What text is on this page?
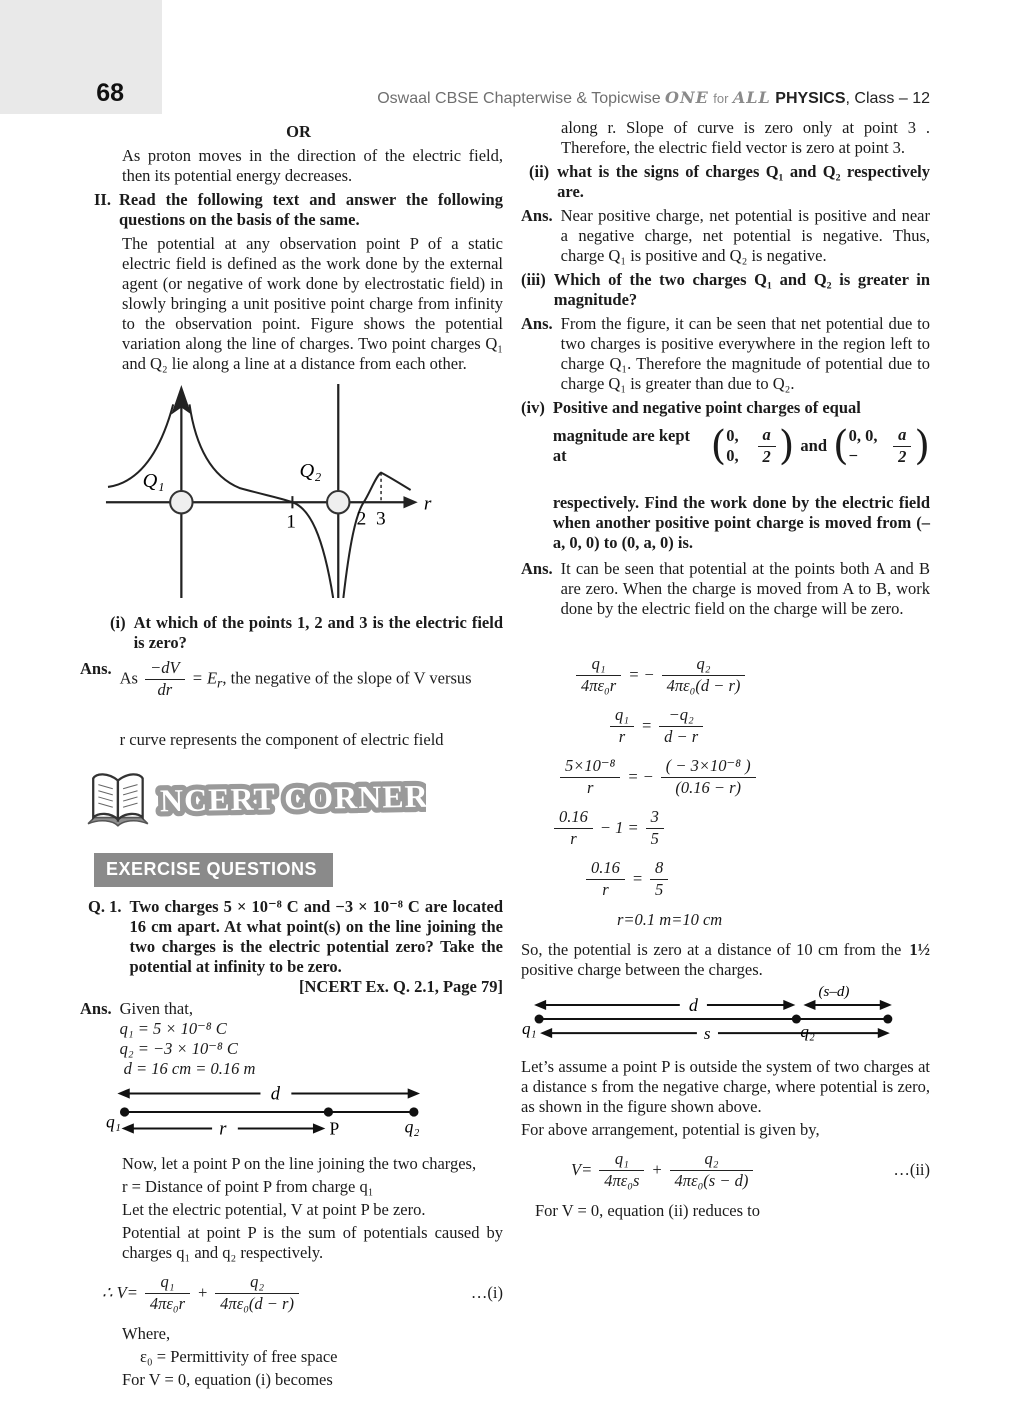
68	Oswaal CBSE Chapterwise & Topicwise ONE for ALL PHYSICS, Class – 12
OR
As proton moves in the direction of the electric field, then its potential energy decreases.
II. Read the following text and answer the following questions on the basis of the same.
The potential at any observation point P of a static electric field is defined as the work done by the external agent (or negative of work done by electrostatic field) in slowly bringing a unit positive point charge from infinity to the observation point. Figure shows the potential variation along the line of charges. Two point charges Q₁ and Q₂ lie along a line at a distance from each other.
Q₁	Q₂
r
1	2 3
(i) At which of the points 1, 2 and 3 is the electric field is zero?
Ans. As $\frac{-dV}{dr} = E_r$, the negative of the slope of V versus
r curve represents the component of electric field
NCERT CORNER
EXERCISE QUESTIONS
Q. 1. Two charges 5 × 10⁻⁸ C and −3 × 10⁻⁸ C are located 16 cm apart. At what point(s) on the line joining the two charges is the electric potential zero? Take the potential at infinity to be zero.
[NCERT Ex. Q. 2.1, Page 79]
Ans. Given that,
q₁ = 5 × 10⁻⁸ C
q₂ = −3 × 10⁻⁸ C
d = 16 cm = 0.16 m
d
r	P
q₁	q₂
Now, let a point P on the line joining the two charges,
r = Distance of point P from charge q₁
Let the electric potential, V at point P be zero.
Potential at point P is the sum of potentials caused by charges q₁ and q₂ respectively.
∴ $V= \frac{\text{q₁}}{\text{4πε₀r}} + \frac{\text{q₂}}{\text{4πε₀(d − r)}}$	…(i)
Where,
ε₀ = Permittivity of free space
For V = 0, equation (i) becomes
along r. Slope of curve is zero only at point 3 . Therefore, the electric field vector is zero at point 3.
(ii) what is the signs of charges Q₁ and Q₂ respectively are.
Ans. Near positive charge, net potential is positive and near a negative charge, net potential is negative. Thus, charge Q₁ is positive and Q₂ is negative.
(iii) Which of the two charges Q₁ and Q₂ is greater in magnitude?
Ans. From the figure, it can be seen that net potential due to two charges is positive everywhere in the region left to charge Q₁. Therefore the magnitude of potential due to charge Q₁ is greater than due to Q₂.
(iv) Positive and negative point charges of equal
magnitude are kept at	( 0, 0,	$\frac{a}{2}$ ) and ( 0, 0, −	$\frac{a}{2}$ )
respectively. Find the work done by the electric field when another positive point charge is moved from (–a, 0, 0) to (0, a, 0) is.
Ans. It can be seen that potential at the points both A and B are zero. When the charge is moved from A to B, work done by the electric field on the charge will be zero.
$\frac{\text{q₁}}{\text{4πε₀r}}$ = − $\frac{\text{q₂}}{\text{4πε₀(d − r)}}$
$\frac{\text{q₁}}{r} = \frac{\text{−q₂}}{d - r}$
$\frac{\text{5×10⁻⁸}}{r}$ = − $\frac{\text{( − 3×10⁻⁸ )}}{(0.16 - r)}$
$\frac{0.16}{r} - 1 = \frac{3}{5}$
$\frac{0.16}{r} = \frac{8}{5}$
r=0.1 m=10 cm
So, the potential is zero at a distance of 10 cm from the positive charge between the charges.
1½
d
(s–d)
q₁	q₂
s
Let’s assume a point P is outside the system of two charges at a distance s from the negative charge, where potential is zero, as shown in the figure shown above.
For above arrangement, potential is given by,
$V= \frac{\text{q₁}}{\text{4πε₀s}} + \frac{\text{q₂}}{\text{4πε₀(s − d)}}$	…(ii)
For V = 0, equation (ii) reduces to
